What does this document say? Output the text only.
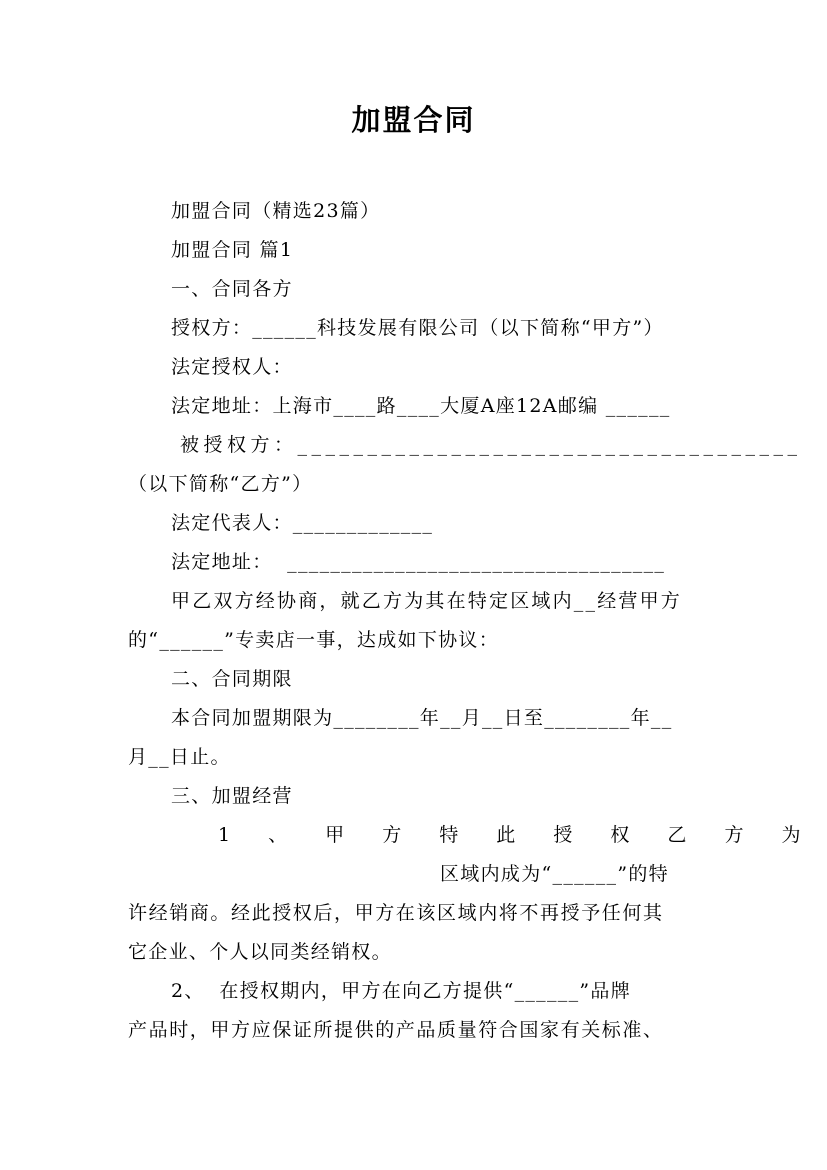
加盟合同
加盟合同（精选23篇）
加盟合同 篇1
一、合同各方
授权方：______科技发展有限公司（以下简称“甲方”）
法定授权人：
法定地址：上海市____路____大厦A座12A邮编 ______
被授权方：____________________________________
（以下简称“乙方”）
法定代表人：_____________
法定地址：  ___________________________________
甲乙双方经协商，就乙方为其在特定区域内__经营甲方
的“______”专卖店一事，达成如下协议：
二、合同期限
本合同加盟期限为________年__月__日至________年__
月__日止。
三、加盟经营
1 、 甲 方 特 此 授 权 乙 方 为
区域内成为“______”的特
许经销商。经此授权后，甲方在该区域内将不再授予任何其
它企业、个人以同类经销权。
2、  在授权期内，甲方在向乙方提供“______”品牌
产品时，甲方应保证所提供的产品质量符合国家有关标准、
